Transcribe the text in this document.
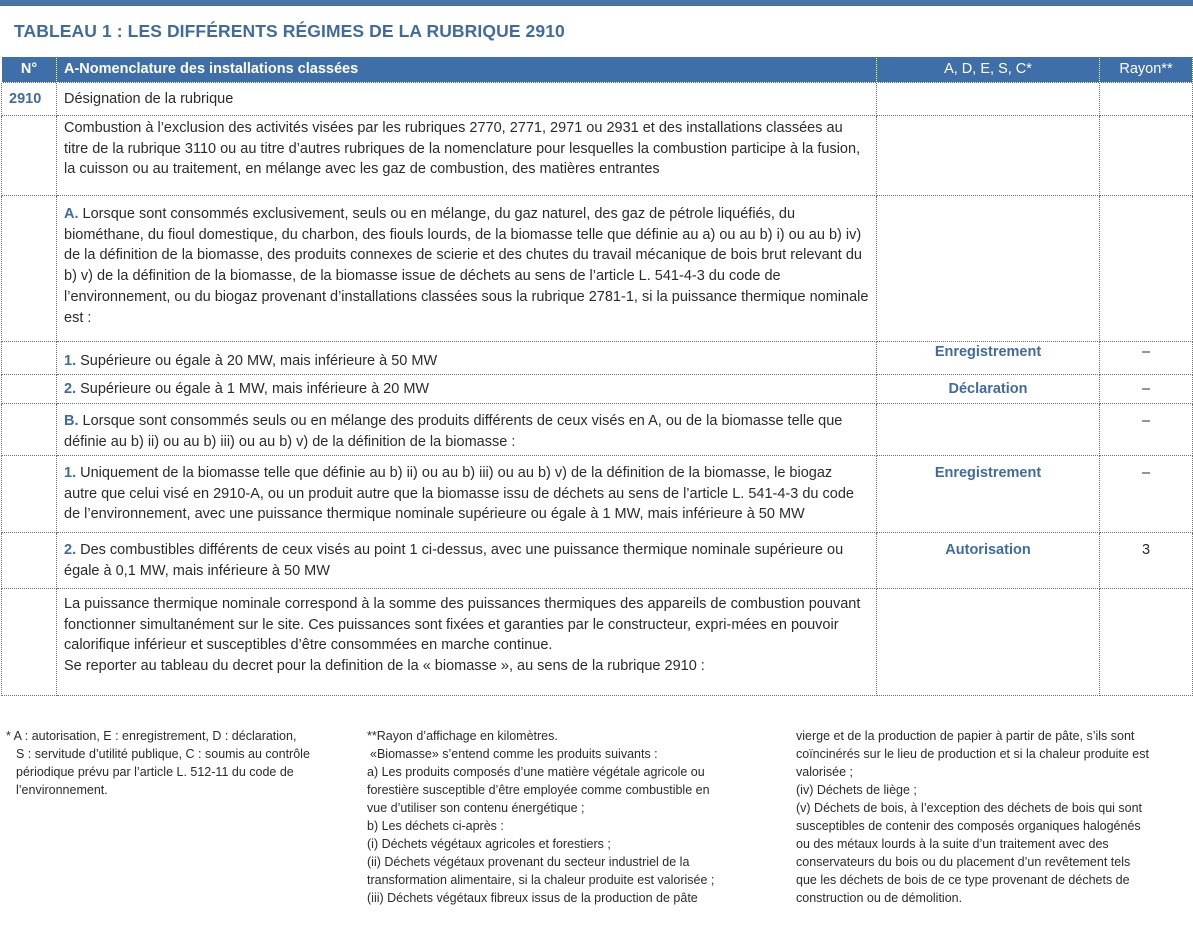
TABLEAU 1 : LES DIFFÉRENTS RÉGIMES DE LA RUBRIQUE 2910
N°	A-Nomenclature des installations classées	A, D, E, S, C*	Rayon**
2910	Désignation de la rubrique		
	Combustion à l’exclusion des activités visées par les rubriques 2770, 2771, 2971 ou 2931 et des installations classées au titre de la rubrique 3110 ou au titre d’autres rubriques de la nomenclature pour lesquelles la combustion participe à la fusion, la cuisson ou au traitement, en mélange avec les gaz de combustion, des matières entrantes		
	A. Lorsque sont consommés exclusivement, seuls ou en mélange, du gaz naturel, des gaz de pétrole liquéfiés, du biométhane, du fioul domestique, du charbon, des fiouls lourds, de la biomasse telle que définie au a) ou au b) i) ou au b) iv) de la définition de la biomasse, des produits connexes de scierie et des chutes du travail mécanique de bois brut relevant du b) v) de la définition de la biomasse, de la biomasse issue de déchets au sens de l’article L. 541-4-3 du code de l’environnement, ou du biogaz provenant d’installations classées sous la rubrique 2781-1, si la puissance thermique nominale est :		
	1. Supérieure ou égale à 20 MW, mais inférieure à 50 MW	Enregistrement	–
	2. Supérieure ou égale à 1 MW, mais inférieure à 20 MW	Déclaration	–
	B. Lorsque sont consommés seuls ou en mélange des produits différents de ceux visés en A, ou de la biomasse telle que définie au b) ii) ou au b) iii) ou au b) v) de la définition de la biomasse :		–
	1. Uniquement de la biomasse telle que définie au b) ii) ou au b) iii) ou au b) v) de la définition de la biomasse, le biogaz autre que celui visé en 2910-A, ou un produit autre que la biomasse issu de déchets au sens de l’article L. 541-4-3 du code de l’environnement, avec une puissance thermique nominale supérieure ou égale à 1 MW, mais inférieure à 50 MW	Enregistrement	–
	2. Des combustibles différents de ceux visés au point 1 ci-dessus, avec une puissance thermique nominale supérieure ou égale à 0,1 MW, mais inférieure à 50 MW	Autorisation	3

	La puissance thermique nominale correspond à la somme des puissances thermiques des appareils de combustion pouvant fonctionner simultanément sur le site. Ces puissances sont fixées et garanties par le constructeur, expri-mées en pouvoir calorifique inférieur et susceptibles d’être consommées en marche continue.
Se reporter au tableau du decret pour la definition de la « biomasse », au sens de la rubrique 2910 :		

* A : autorisation, E : enregistrement, D : déclaration,
S : servitude d’utilité publique, C : soumis au contrôle
périodique prévu par l’article L. 512-11 du code de
l’environnement.
**Rayon d’affichage en kilomètres.
«Biomasse» s’entend comme les produits suivants :
a) Les produits composés d’une matière végétale agricole ou
forestière susceptible d’être employée comme combustible en
vue d’utiliser son contenu énergétique ;
b) Les déchets ci-après :
(i) Déchets végétaux agricoles et forestiers ;
(ii) Déchets végétaux provenant du secteur industriel de la
transformation alimentaire, si la chaleur produite est valorisée ;
(iii) Déchets végétaux fibreux issus de la production de pâte
vierge et de la production de papier à partir de pâte, s’ils sont
coïncinérés sur le lieu de production et si la chaleur produite est
valorisée ;
(iv) Déchets de liège ;
(v) Déchets de bois, à l’exception des déchets de bois qui sont
susceptibles de contenir des composés organiques halogénés
ou des métaux lourds à la suite d’un traitement avec des
conservateurs du bois ou du placement d’un revêtement tels
que les déchets de bois de ce type provenant de déchets de
construction ou de démolition.
